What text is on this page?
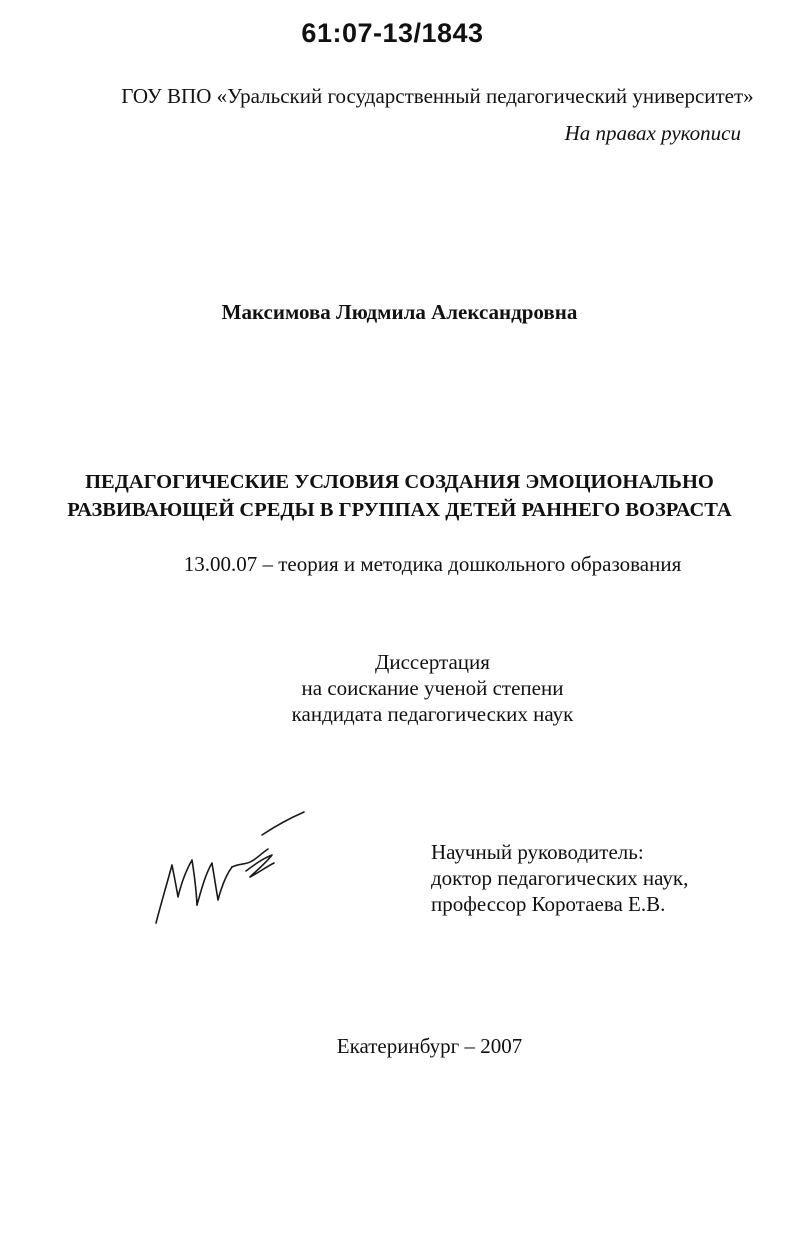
61:07-13/1843
ГОУ ВПО «Уральский государственный педагогический университет»
На правах рукописи
Максимова Людмила Александровна
ПЕДАГОГИЧЕСКИЕ УСЛОВИЯ СОЗДАНИЯ ЭМОЦИОНАЛЬНО
РАЗВИВАЮЩЕЙ СРЕДЫ В ГРУППАХ ДЕТЕЙ РАННЕГО ВОЗРАСТА
13.00.07 – теория и методика дошкольного образования
Диссертация
на соискание ученой степени
кандидата педагогических наук
Научный руководитель:
доктор педагогических наук,
профессор Коротаева Е.В.
Екатеринбург – 2007
